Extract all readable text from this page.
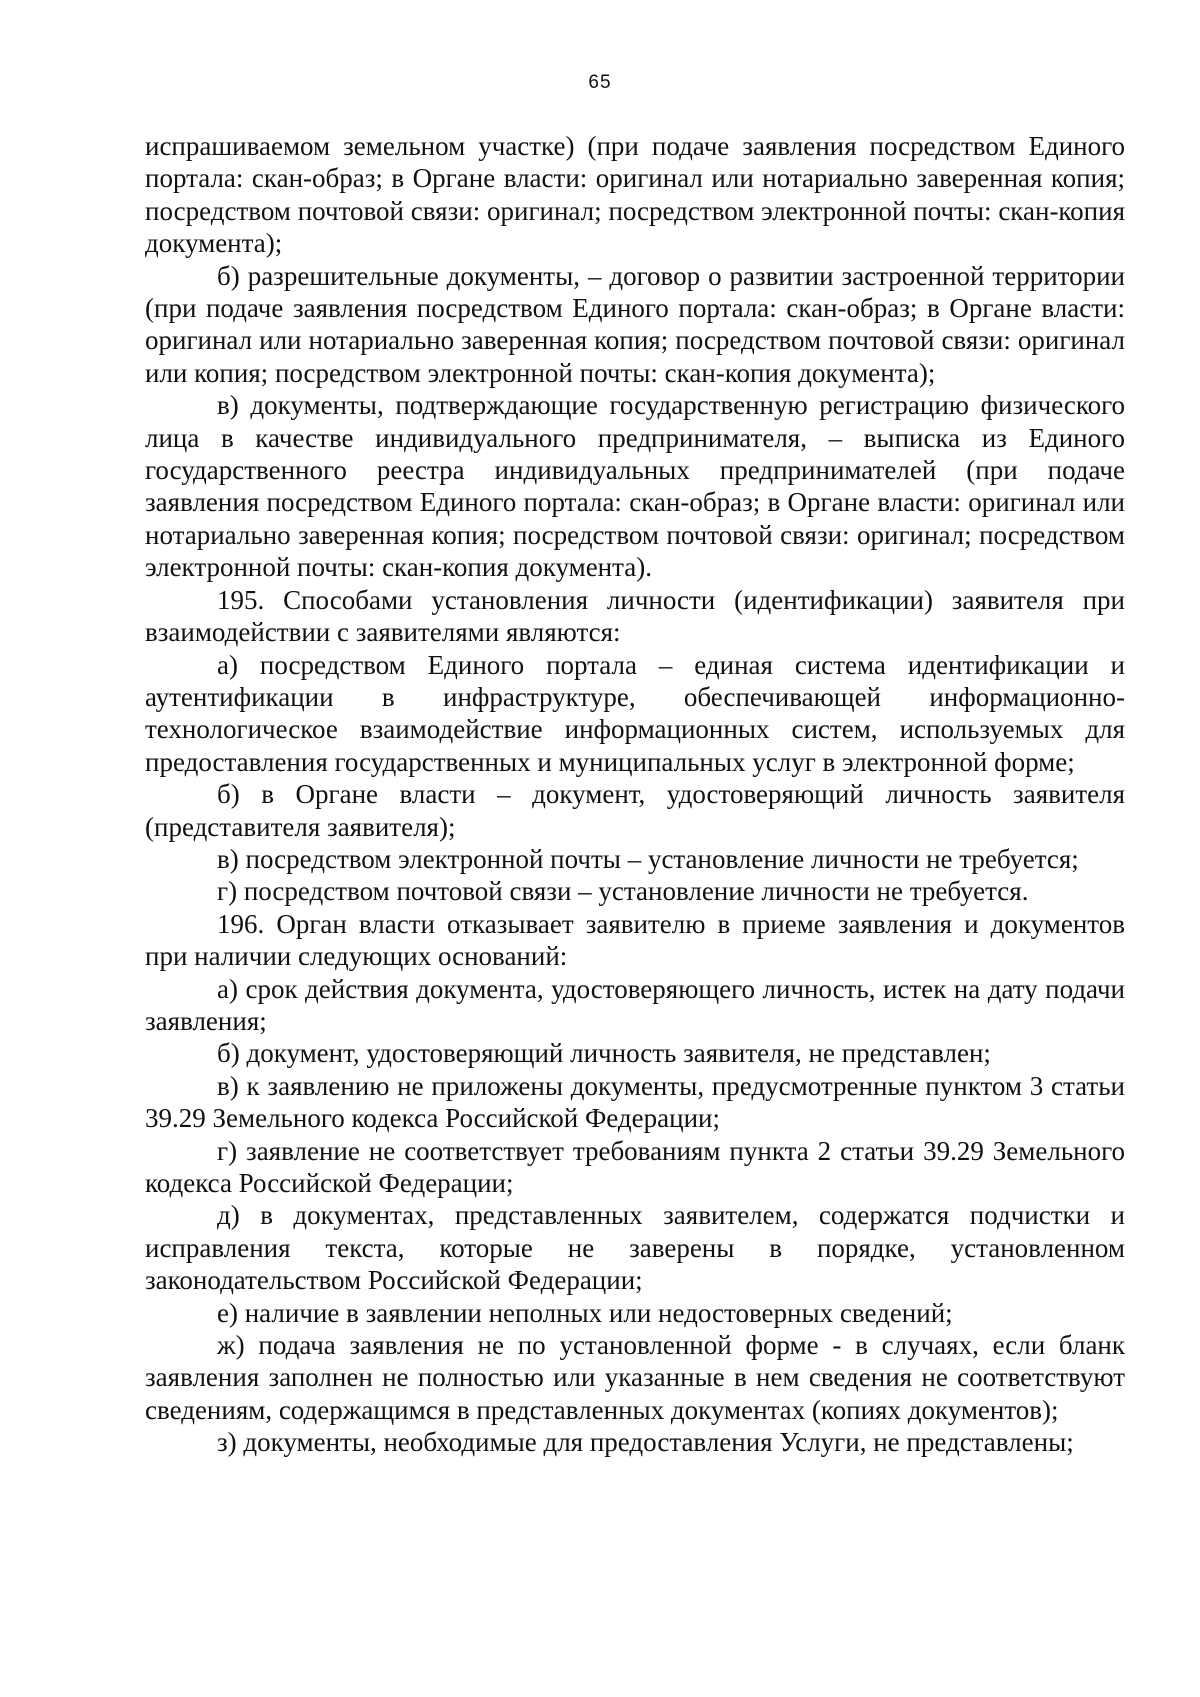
65

испрашиваемом земельном участке) (при подаче заявления посредством Единого портала: скан-образ; в Органе власти: оригинал или нотариально заверенная копия; посредством почтовой связи: оригинал; посредством электронной почты: скан-копия документа);

б) разрешительные документы, – договор о развитии застроенной территории (при подаче заявления посредством Единого портала: скан-образ; в Органе власти: оригинал или нотариально заверенная копия; посредством почтовой связи: оригинал или копия; посредством электронной почты: скан-копия документа);

в) документы, подтверждающие государственную регистрацию физического лица в качестве индивидуального предпринимателя, – выписка из Единого государственного реестра индивидуальных предпринимателей (при подаче заявления посредством Единого портала: скан-образ; в Органе власти: оригинал или нотариально заверенная копия; посредством почтовой связи: оригинал; посредством электронной почты: скан-копия документа).

195. Способами установления личности (идентификации) заявителя при взаимодействии с заявителями являются:

а) посредством Единого портала – единая система идентификации и аутентификации в инфраструктуре, обеспечивающей информационно-технологическое взаимодействие информационных систем, используемых для предоставления государственных и муниципальных услуг в электронной форме;

б) в Органе власти – документ, удостоверяющий личность заявителя (представителя заявителя);

в) посредством электронной почты – установление личности не требуется;

г) посредством почтовой связи – установление личности не требуется.

196. Орган власти отказывает заявителю в приеме заявления и документов при наличии следующих оснований:

а) срок действия документа, удостоверяющего личность, истек на дату подачи заявления;

б) документ, удостоверяющий личность заявителя, не представлен;

в) к заявлению не приложены документы, предусмотренные пунктом 3 статьи 39.29 Земельного кодекса Российской Федерации;

г) заявление не соответствует требованиям пункта 2 статьи 39.29 Земельного кодекса Российской Федерации;

д) в документах, представленных заявителем, содержатся подчистки и исправления текста, которые не заверены в порядке, установленном законодательством Российской Федерации;

е) наличие в заявлении неполных или недостоверных сведений;

ж) подача заявления не по установленной форме - в случаях, если бланк заявления заполнен не полностью или указанные в нем сведения не соответствуют сведениям, содержащимся в представленных документах (копиях документов);

з) документы, необходимые для предоставления Услуги, не представлены;
